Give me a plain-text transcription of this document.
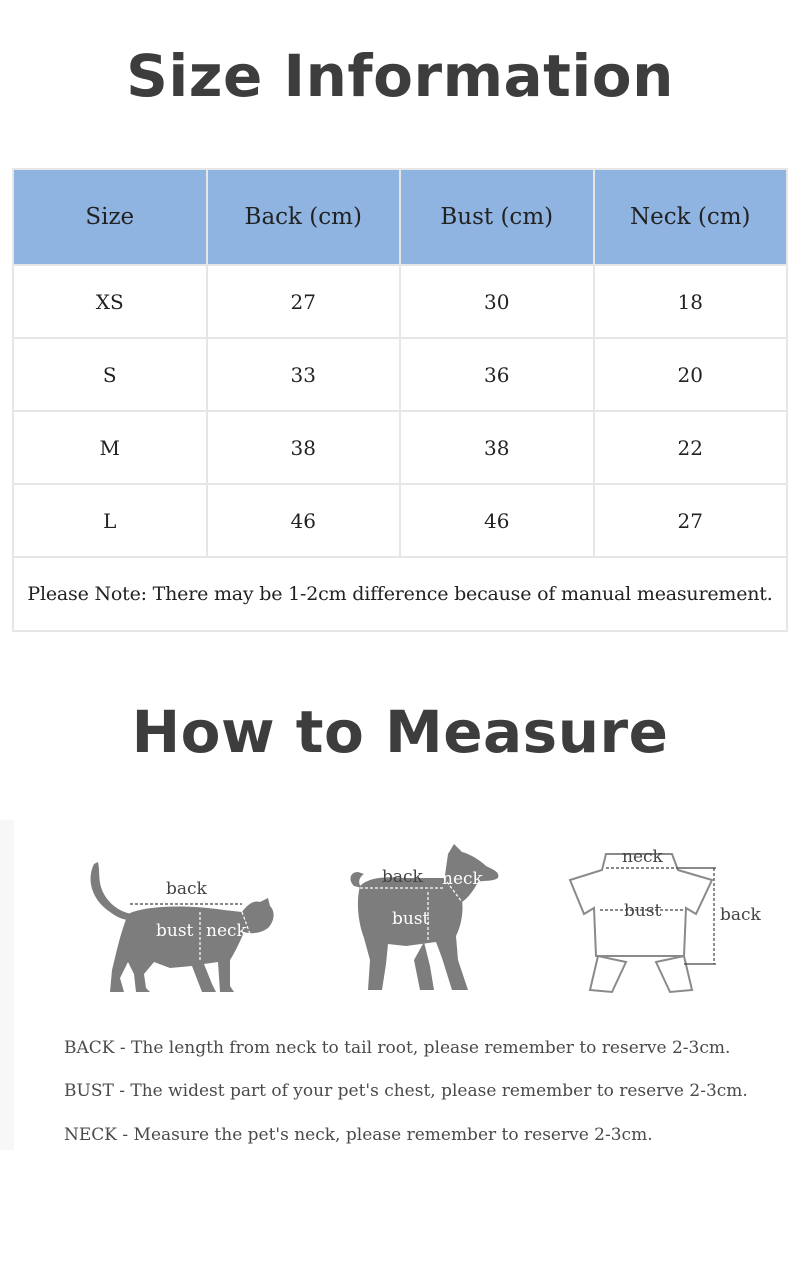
Size Information
Size	Back (cm)	Bust (cm)	Neck (cm)
XS	27	30	18
S	33	36	20
M	38	38	22
L	46	46	27
Please Note: There may be 1-2cm difference because of manual measurement.			
How to Measure
back
bust neck
back neck
bust
neck
bust	back

BACK - The length from neck to tail root, please remember to reserve 2-3cm.

BUST - The widest part of your pet's chest, please remember to reserve 2-3cm.

NECK - Measure the pet's neck, please remember to reserve 2-3cm.
